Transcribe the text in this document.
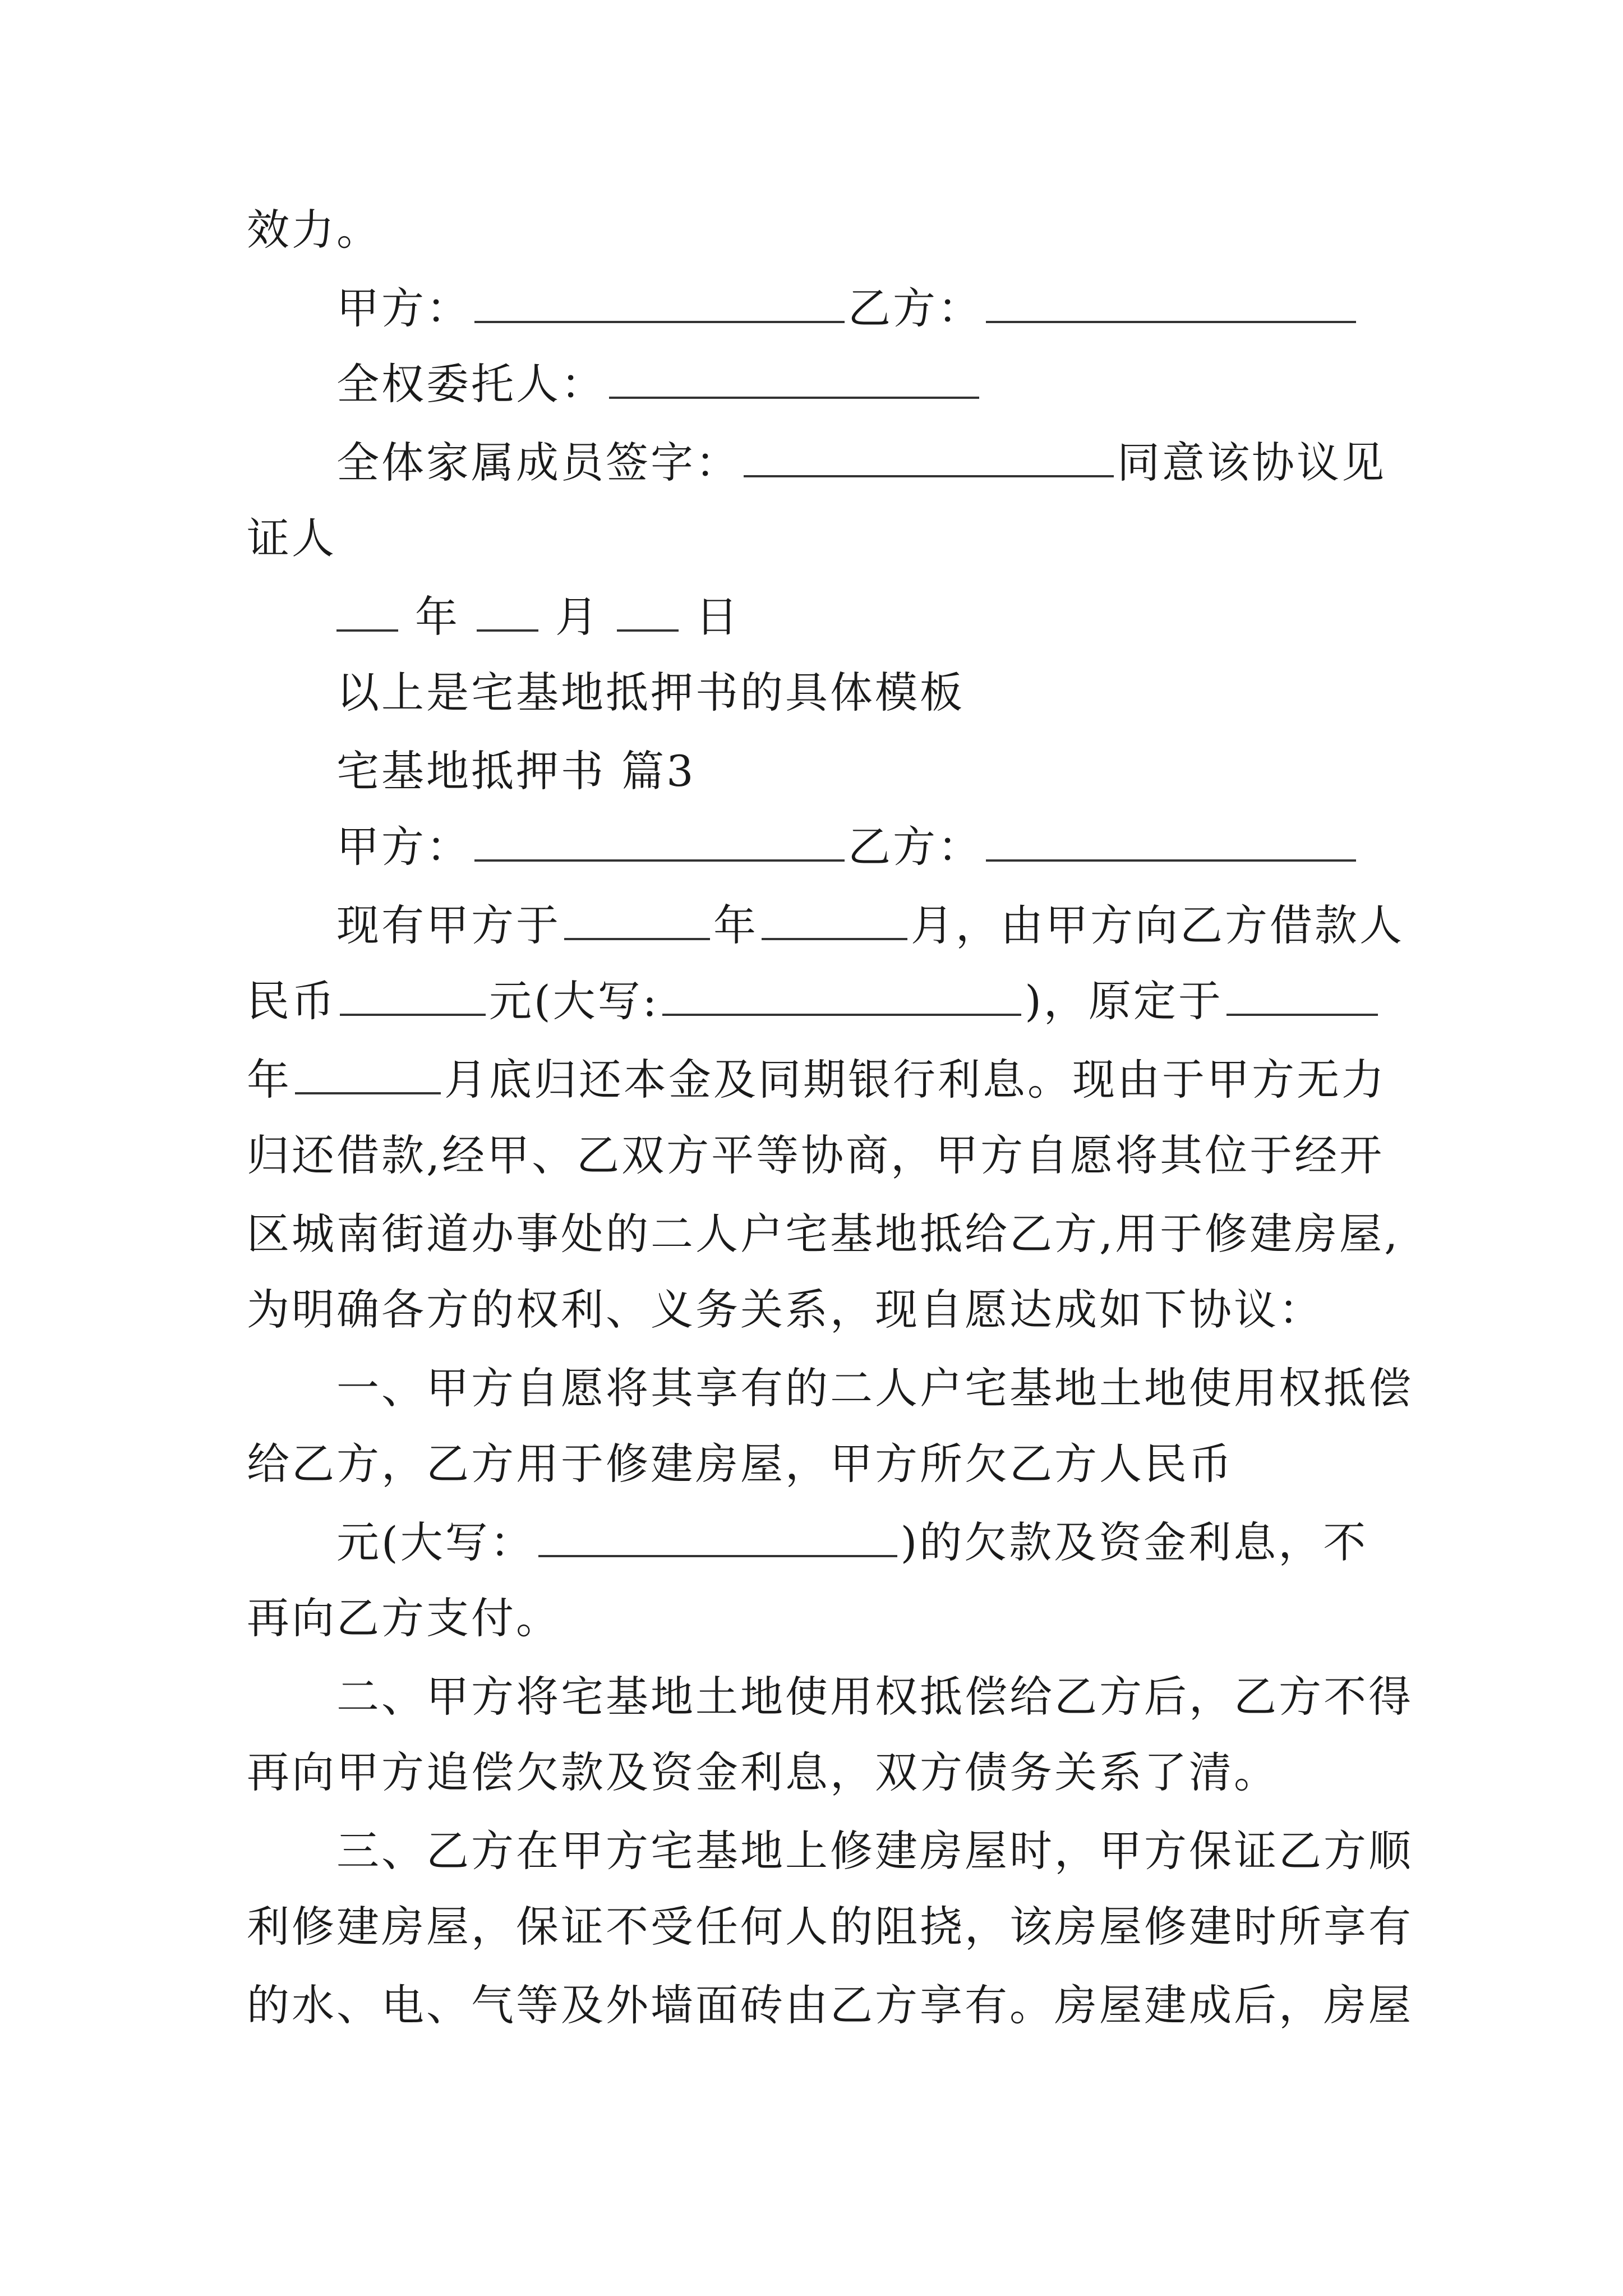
效力。
甲方：	乙方：
全权委托人：
全体家属成员签字：	同意该协议见
证人
年 月 日
以上是宅基地抵押书的具体模板
宅基地抵押书 篇3
甲方：	乙方：
现有甲方于	年	月，由甲方向乙方借款人
民币	元(大写:	)，原定于
年	月底归还本金及同期银行利息。现由于甲方无力
归还借款,经甲、乙双方平等协商，甲方自愿将其位于经开
区城南街道办事处的二人户宅基地抵给乙方,用于修建房屋,
为明确各方的权利、义务关系，现自愿达成如下协议：
一、甲方自愿将其享有的二人户宅基地土地使用权抵偿
给乙方，乙方用于修建房屋，甲方所欠乙方人民币
元(大写：	)的欠款及资金利息，不
再向乙方支付。
二、甲方将宅基地土地使用权抵偿给乙方后，乙方不得
再向甲方追偿欠款及资金利息，双方债务关系了清。
三、乙方在甲方宅基地上修建房屋时，甲方保证乙方顺
利修建房屋，保证不受任何人的阻挠，该房屋修建时所享有
的水、电、气等及外墙面砖由乙方享有。房屋建成后，房屋
